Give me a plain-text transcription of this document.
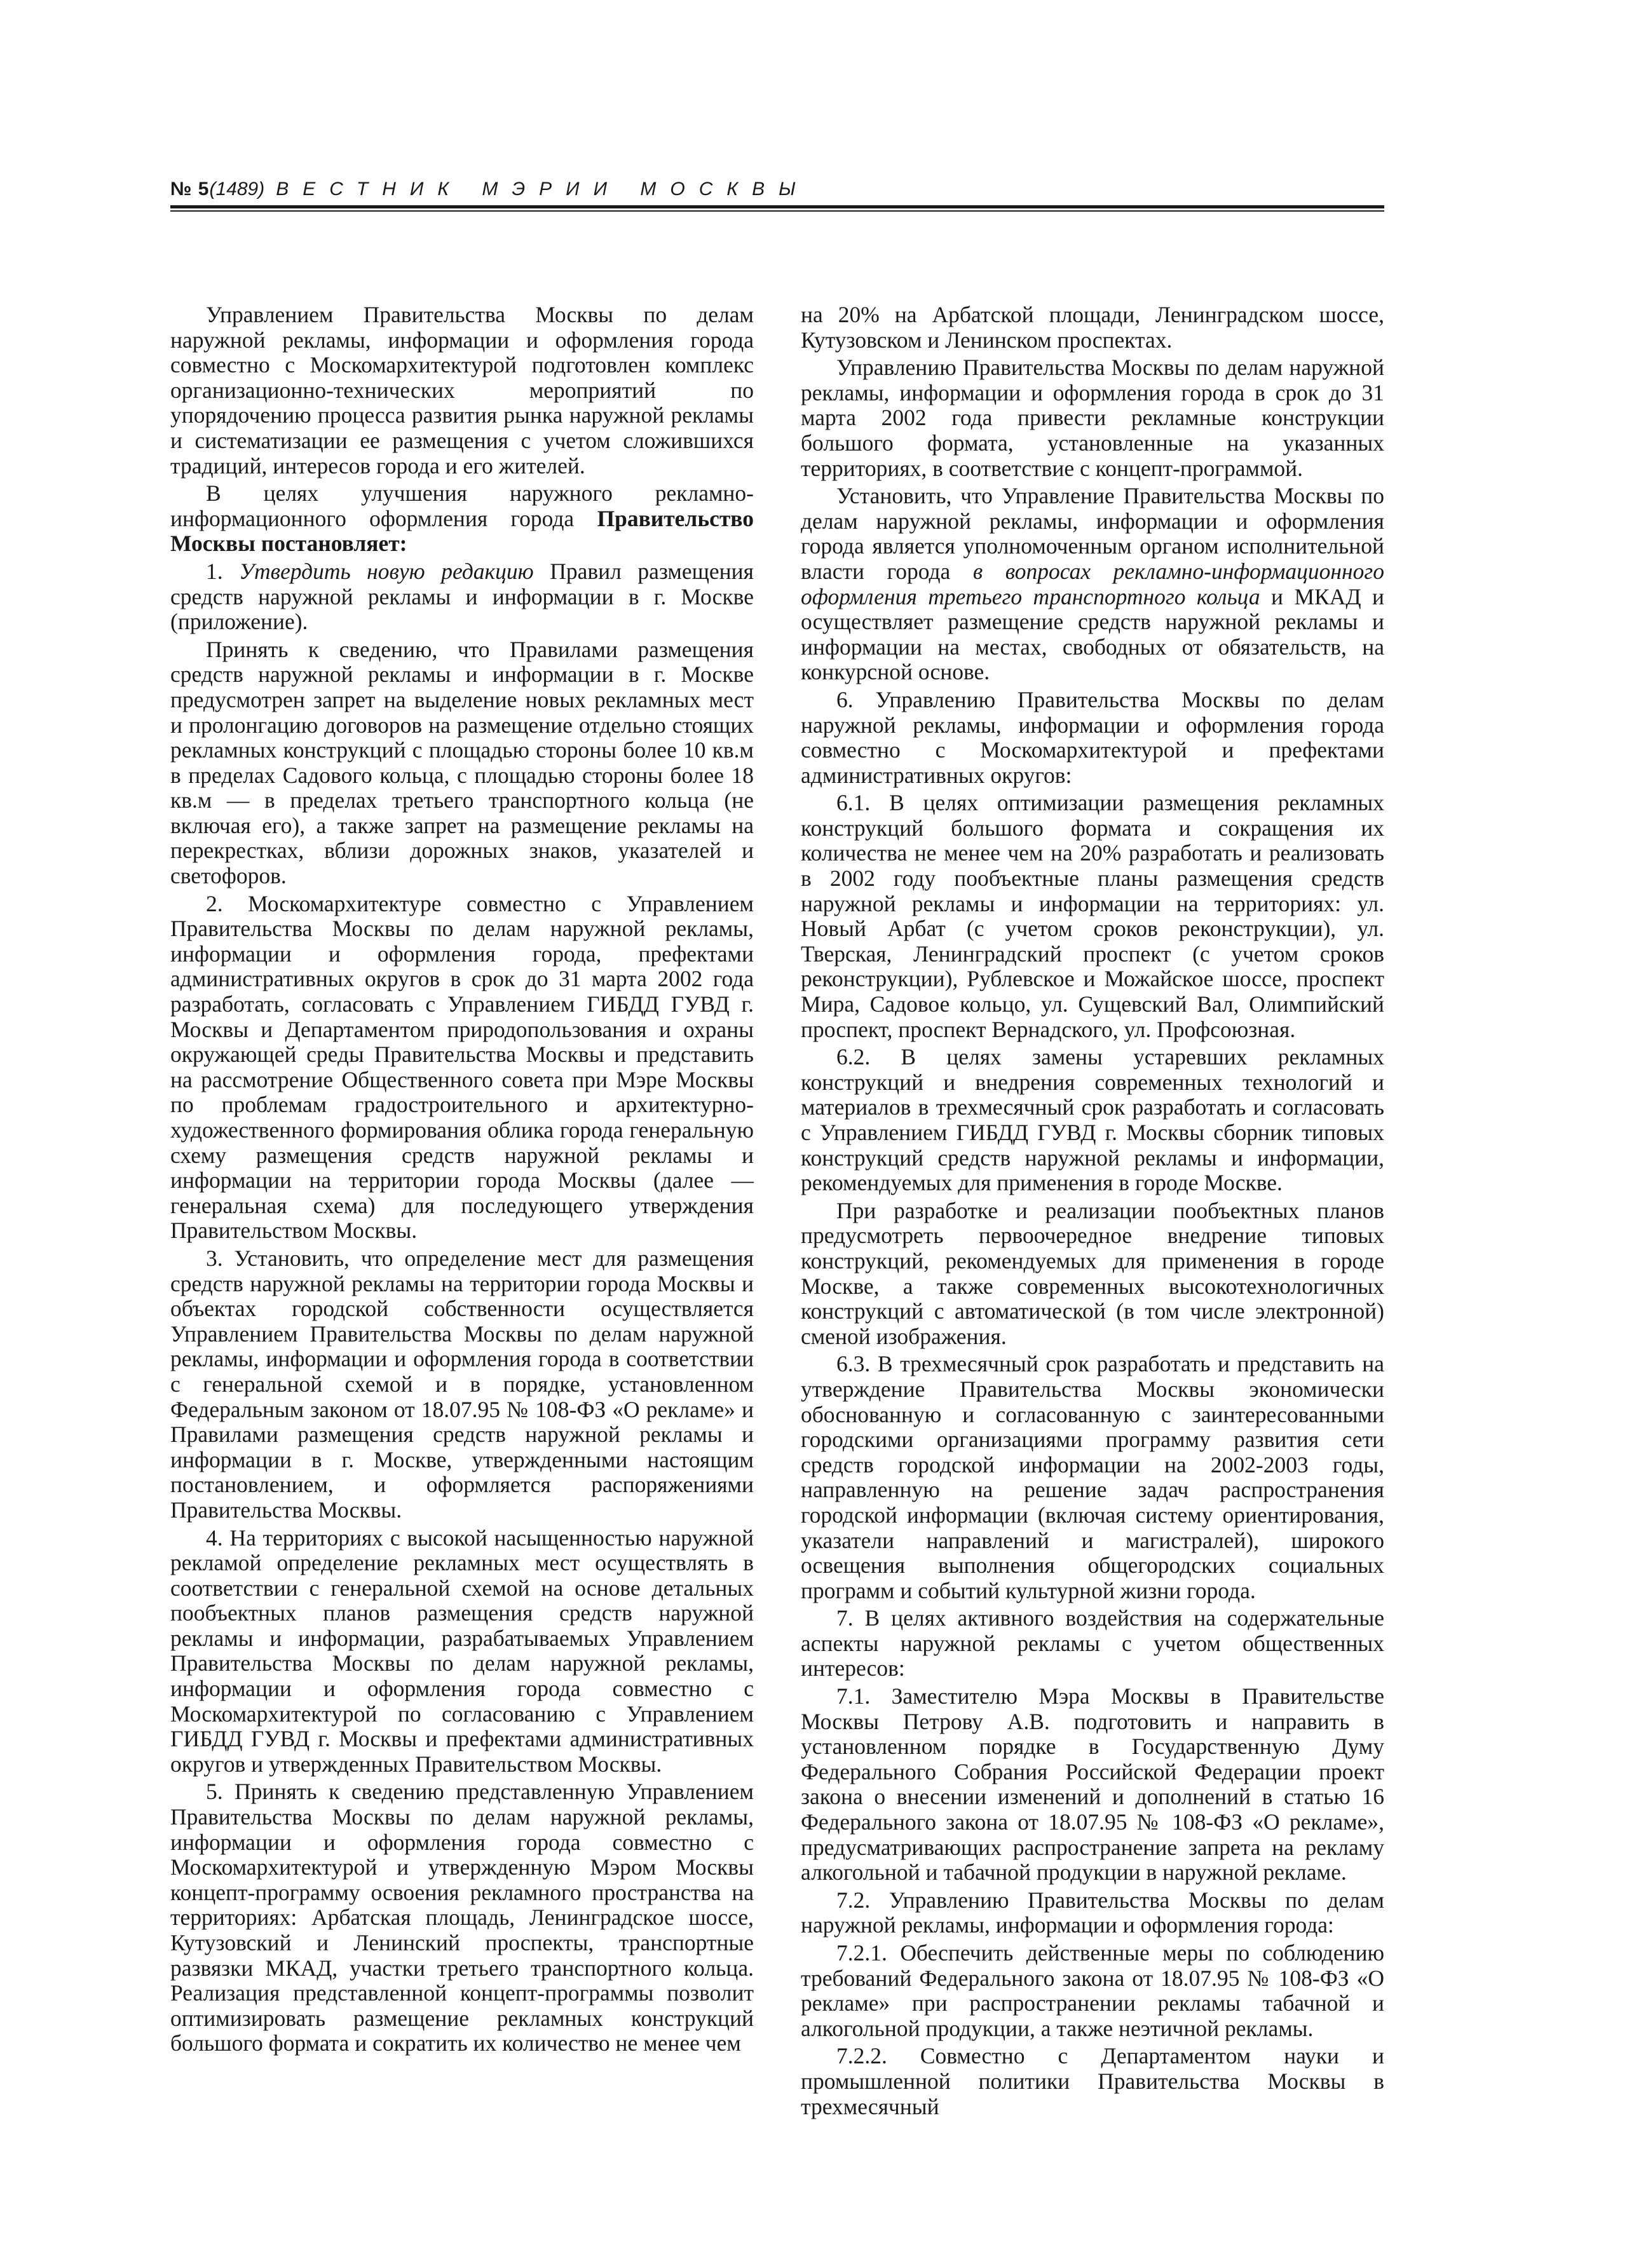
№ 5(1489) ВЕСТНИК МЭРИИ МОСКВЫ

Управлением Правительства Москвы по делам наружной рекламы, информации и оформления города совместно с Москомархитектурой подготовлен комплекс организационно-технических мероприятий по упорядочению процесса развития рынка наружной рекламы и систематизации ее размещения с учетом сложившихся традиций, интересов города и его жителей.

В целях улучшения наружного рекламно-информационного оформления города Правительство Москвы постановляет:

1. Утвердить новую редакцию Правил размещения средств наружной рекламы и информации в г. Москве (приложение).

Принять к сведению, что Правилами размещения средств наружной рекламы и информации в г. Москве предусмотрен запрет на выделение новых рекламных мест и пролонгацию договоров на размещение отдельно стоящих рекламных конструкций с площадью стороны более 10 кв.м в пределах Садового кольца, с площадью стороны более 18 кв.м — в пределах третьего транспортного кольца (не включая его), а также запрет на размещение рекламы на перекрестках, вблизи дорожных знаков, указателей и светофоров.

2. Москомархитектуре совместно с Управлением Правительства Москвы по делам наружной рекламы, информации и оформления города, префектами административных округов в срок до 31 марта 2002 года разработать, согласовать с Управлением ГИБДД ГУВД г. Москвы и Департаментом природопользования и охраны окружающей среды Правительства Москвы и представить на рассмотрение Общественного совета при Мэре Москвы по проблемам градостроительного и архитектурно-художественного формирования облика города генеральную схему размещения средств наружной рекламы и информации на территории города Москвы (далее — генеральная схема) для последующего утверждения Правительством Москвы.

3. Установить, что определение мест для размещения средств наружной рекламы на территории города Москвы и объектах городской собственности осуществляется Управлением Правительства Москвы по делам наружной рекламы, информации и оформления города в соответствии с генеральной схемой и в порядке, установленном Федеральным законом от 18.07.95 № 108-ФЗ «О рекламе» и Правилами размещения средств наружной рекламы и информации в г. Москве, утвержденными настоящим постановлением, и оформляется распоряжениями Правительства Москвы.

4. На территориях с высокой насыщенностью наружной рекламой определение рекламных мест осуществлять в соответствии с генеральной схемой на основе детальных пообъектных планов размещения средств наружной рекламы и информации, разрабатываемых Управлением Правительства Москвы по делам наружной рекламы, информации и оформления города совместно с Москомархитектурой по согласованию с Управлением ГИБДД ГУВД г. Москвы и префектами административных округов и утвержденных Правительством Москвы.

5. Принять к сведению представленную Управлением Правительства Москвы по делам наружной рекламы, информации и оформления города совместно с Москомархитектурой и утвержденную Мэром Москвы концепт-программу освоения рекламного пространства на территориях: Арбатская площадь, Ленинградское шоссе, Кутузовский и Ленинский проспекты, транспортные развязки МКАД, участки третьего транспортного кольца. Реализация представленной концепт-программы позволит оптимизировать размещение рекламных конструкций большого формата и сократить их количество не менее чем

на 20% на Арбатской площади, Ленинградском шоссе, Кутузовском и Ленинском проспектах.

Управлению Правительства Москвы по делам наружной рекламы, информации и оформления города в срок до 31 марта 2002 года привести рекламные конструкции большого формата, установленные на указанных территориях, в соответствие с концепт-программой.

Установить, что Управление Правительства Москвы по делам наружной рекламы, информации и оформления города является уполномоченным органом исполнительной власти города в вопросах рекламно-информационного оформления третьего транспортного кольца и МКАД и осуществляет размещение средств наружной рекламы и информации на местах, свободных от обязательств, на конкурсной основе.

6. Управлению Правительства Москвы по делам наружной рекламы, информации и оформления города совместно с Москомархитектурой и префектами административных округов:

6.1. В целях оптимизации размещения рекламных конструкций большого формата и сокращения их количества не менее чем на 20% разработать и реализовать в 2002 году пообъектные планы размещения средств наружной рекламы и информации на территориях: ул. Новый Арбат (с учетом сроков реконструкции), ул. Тверская, Ленинградский проспект (с учетом сроков реконструкции), Рублевское и Можайское шоссе, проспект Мира, Садовое кольцо, ул. Сущевский Вал, Олимпийский проспект, проспект Вернадского, ул. Профсоюзная.

6.2. В целях замены устаревших рекламных конструкций и внедрения современных технологий и материалов в трехмесячный срок разработать и согласовать с Управлением ГИБДД ГУВД г. Москвы сборник типовых конструкций средств наружной рекламы и информации, рекомендуемых для применения в городе Москве.

При разработке и реализации пообъектных планов предусмотреть первоочередное внедрение типовых конструкций, рекомендуемых для применения в городе Москве, а также современных высокотехнологичных конструкций с автоматической (в том числе электронной) сменой изображения.

6.3. В трехмесячный срок разработать и представить на утверждение Правительства Москвы экономически обоснованную и согласованную с заинтересованными городскими организациями программу развития сети средств городской информации на 2002-2003 годы, направленную на решение задач распространения городской информации (включая систему ориентирования, указатели направлений и магистралей), широкого освещения выполнения общегородских социальных программ и событий культурной жизни города.

7. В целях активного воздействия на содержательные аспекты наружной рекламы с учетом общественных интересов:

7.1. Заместителю Мэра Москвы в Правительстве Москвы Петрову А.В. подготовить и направить в установленном порядке в Государственную Думу Федерального Собрания Российской Федерации проект закона о внесении изменений и дополнений в статью 16 Федерального закона от 18.07.95 № 108-ФЗ «О рекламе», предусматривающих распространение запрета на рекламу алкогольной и табачной продукции в наружной рекламе.

7.2. Управлению Правительства Москвы по делам наружной рекламы, информации и оформления города:

7.2.1. Обеспечить действенные меры по соблюдению требований Федерального закона от 18.07.95 № 108-ФЗ «О рекламе» при распространении рекламы табачной и алкогольной продукции, а также неэтичной рекламы.

7.2.2. Совместно с Департаментом науки и промышленной политики Правительства Москвы в трехмесячный
